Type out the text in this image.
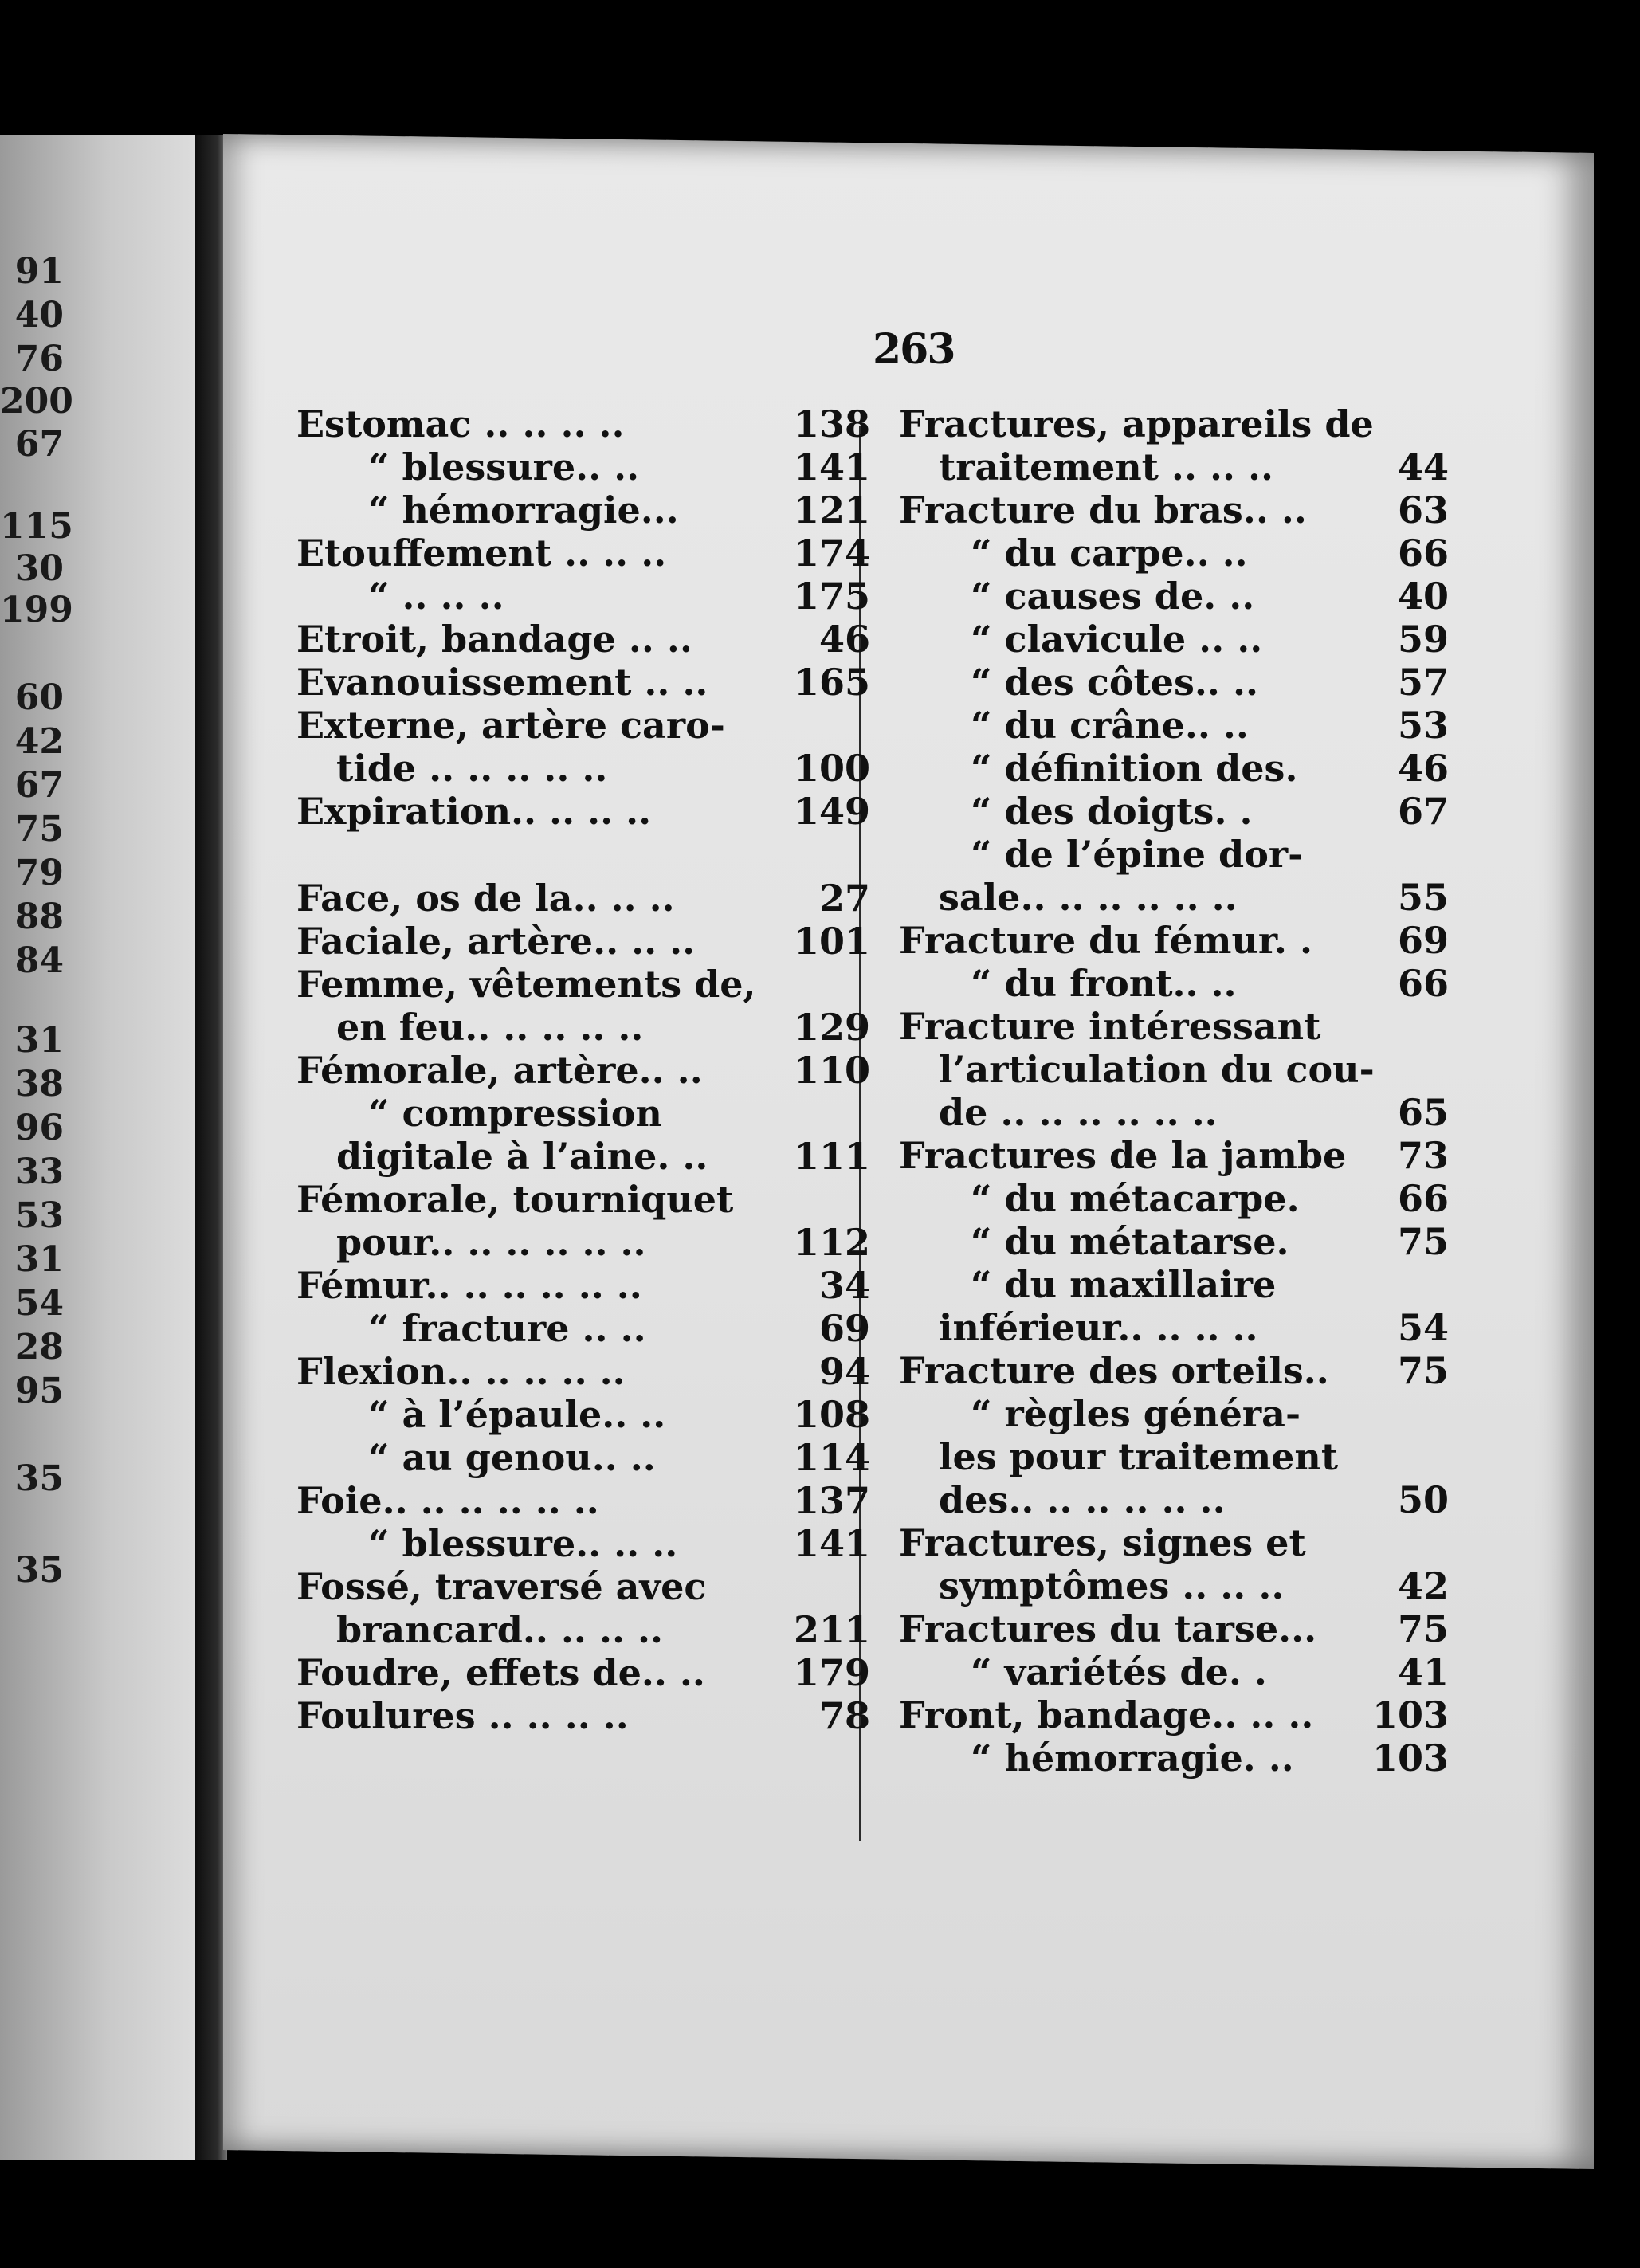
91
40
76
200
67
115
30
199
60
42
67
75
79
88
84
31
38
96
33
53
31
54
28
95
35
35
263
Estomac .. .. .. ..	138
“ blessure.. ..	141
“ hémorragie...	121
Etouffement .. .. ..	174
“ .. .. ..	175
Etroit, bandage .. ..	46
Evanouissement .. .. 165
Externe, artère caro-
tide .. .. .. .. ..	100
Expiration.. .. .. ..	149
Face, os de la.. .. ..	27
Faciale, artère.. .. ..	101
Femme, vêtements de,
en feu.. .. .. .. ..	129
Fémorale, artère.. .. 110
“ compression
digitale à l’aine. .. 111
Fémorale, tourniquet
pour.. .. .. .. .. ..	112
Fémur.. .. .. .. .. ..	34
“ fracture .. ..	69
Flexion.. .. .. .. ..	94
“ à l’épaule.. ..	108
“ au genou.. ..	114
Foie.. .. .. .. .. ..	137
“ blessure.. .. ..	141
Fossé, traversé avec
brancard.. .. .. ..	211
Foudre, effets de.. .. 179
Foulures .. .. .. ..	78
Fractures, appareils de
traitement .. .. ..	44
Fracture du bras.. .. 63
“ du carpe.. ..	66
“ causes de. ..	40
“ clavicule .. ..	59
“ des côtes.. ..	57
“ du crâne.. ..	53
“ définition des.	46
“ des doigts. .	67
“ de l’épine dor-
sale.. .. .. .. .. ..	55
Fracture du fémur. . 69
“ du front.. ..	66
Fracture intéressant
l’articulation du cou-
de .. .. .. .. .. ..	65
Fractures de la jambe 73
“ du métacarpe.	66
“ du métatarse.	75
“ du maxillaire
inférieur.. .. .. ..	54
Fracture des orteils.. 75
“ règles généra-
les pour traitement
des.. .. .. .. .. ..	50
Fractures, signes et
symptômes .. .. ..	42
Fractures du tarse... 75
“ variétés de. .	41
Front, bandage.. .. .. 103
“ hémorragie. .. 103
